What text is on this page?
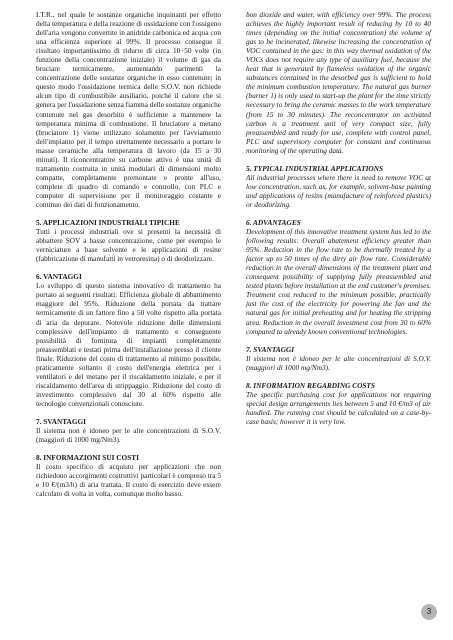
I.T.R., nel quale le sostanze organiche inquinanti per effetto della temperatura e della reazione di ossidazione con l'ossigeno dell'aria vengono convertite in anidride carbonica ed acqua con una efficienza superiore al 99%. Il processo consegue il risultato importantissimo di ridurre di circa 10÷50 volte (in funzione della concentrazione iniziale) il volume di gas da bruciare termicamente, aumentando parimenti la concentrazione delle sostanze organiche in esso contenute; in questo modo l'ossidazione termica delle S.O.V. non richiede alcun tipo di combustibile ausiliario, poiché il calore che si genera per l'ossidazione senza fiamma delle sostanze organiche contenute nel gas desorbito è sufficiente a mantenere la temperatura minima di combustione. Il bruciatore a metano (bruciatore 1) viene utilizzato solamente per l'avviamento dell'impianto per il tempo strettamente necessario a portare le masse ceramiche alla temperatura di lavoro (da 15 a 30 minuti). Il riconcentratore su carbone attivo è una unità di trattamento costruita in unità modulari di dimensioni molto compatte, completamente premontate e pronte all'uso, complete di quadro di comando e controllo, con PLC e computer di supervisione per il monitoraggio costante e continuo dei dati di funzionamento.

5. APPLICAZIONI INDUSTRIALI TIPICHE

Tutti i processi industriali ove si presenti la necessità di abbattere SOV a basse concentrazione, come per esempio le verniciature a base solvente e le applicazioni di resine (fabbricazione di manufatti in vetroresina) o di deodorizzare.

6. VANTAGGI

Lo sviluppo di questo sistema innovativo di trattamento ha portato ai seguenti risultati: Efficienza globale di abbattimento maggiore del 95%. Riduzione della portata da trattare termicamente di un fattore fino a 50 volte rispetto alla portata di aria da depurare. Notevole riduzione delle dimensioni complessive dell'impianto di trattamento e conseguente possibilità di fornitura di impianti completamente preassemblati e testati prima dell'installazione presso il cliente finale. Riduzione del costo di trattamento al minimo possibile, praticamente soltanto il costo dell'energia elettrica per i ventilatori e del metano per il riscaldamento iniziale, e per il riscaldamento dell'area di strippaggio. Riduzione del costo di investimento complessivo dal 30 al 60% rispetto alle tecnologie convenzionali conosciute.

7. SVANTAGGI

Il sistema non è idoneo per le alte concentrazioni di S.O.V. (maggiori di 1000 mg/Nm3).

8. INFORMAZIONI SUI COSTI

Il costo specifico di acquisto per applicazioni che non richiedono accorgimenti costruttivi particolari è compreso tra 5 e 10 €/(m3/h) di aria trattata. Il costo di esercizio deve essere calcolato di volta in volta, comunque molto basso.

bon dioxide and water, with efficiency over 99%. The process achieves the highly important result of reducing by 10 to 40 times (depending on the initial concentration) the volume of gas to be incinerated, likewise increasing the concentration of VOC contained in the gas: in this way thermal oxidation of the VOCs does not require any type of auxiliary fuel, because the heat that is generated by flameless oxidation of the organic substances contained in the desorbed gas is sufficient to hold the minimum combustion temperature. The natural gas burner (burner 1) is only used to start-up the plant for the time strictly necessary to bring the ceramic masses to the work temperature (from 15 to 30 minutes). The reconcentrator on activated carbon is a treatment unit of very compact size, fully preassembled and ready for use, complete with control panel, PLC and supervisory computer for constant and continuous monitoring of the operating data.

5. TYPICAL INDUSTRIAL APPLICATIONS

All industrial processes where there is need to remove VOC at low concentration, such as, for example, solvent-base painting and applications of resins (manufacture of reinforced plastics) or deodorizing.

6. ADVANTAGES

Development of this innovative treatment system has led to the following results: Overall abatement efficiency greater than 95%. Reduction in the flow rate to be thermally treated by a factor up to 50 times of the dirty air flow rate. Considerable reduction in the overall dimensions of the treatment plant and consequent possibility of supplying fully preassembled and tested plants before installation at the end customer's premises. Treatment cost reduced to the minimum possible, practically just the cost of the electricity for powering the fan and the natural gas for initial preheating and for heating the stripping area. Reduction in the overall investment cost from 30 to 60% compared to already known conventional technologies.

7. SVANTAGGI

Il sistema non è idoneo per le alte concentrazioni di S.O.V. (maggiori di 1000 mg/Nm3).

8. INFORMATION REGARDING COSTS

The specific purchasing cost for applications not requiring special design arrangements lies between 5 and 10 €/m3 of air handled. The running cost should be calculated on a case-by-case basis; however it is very low.

3
